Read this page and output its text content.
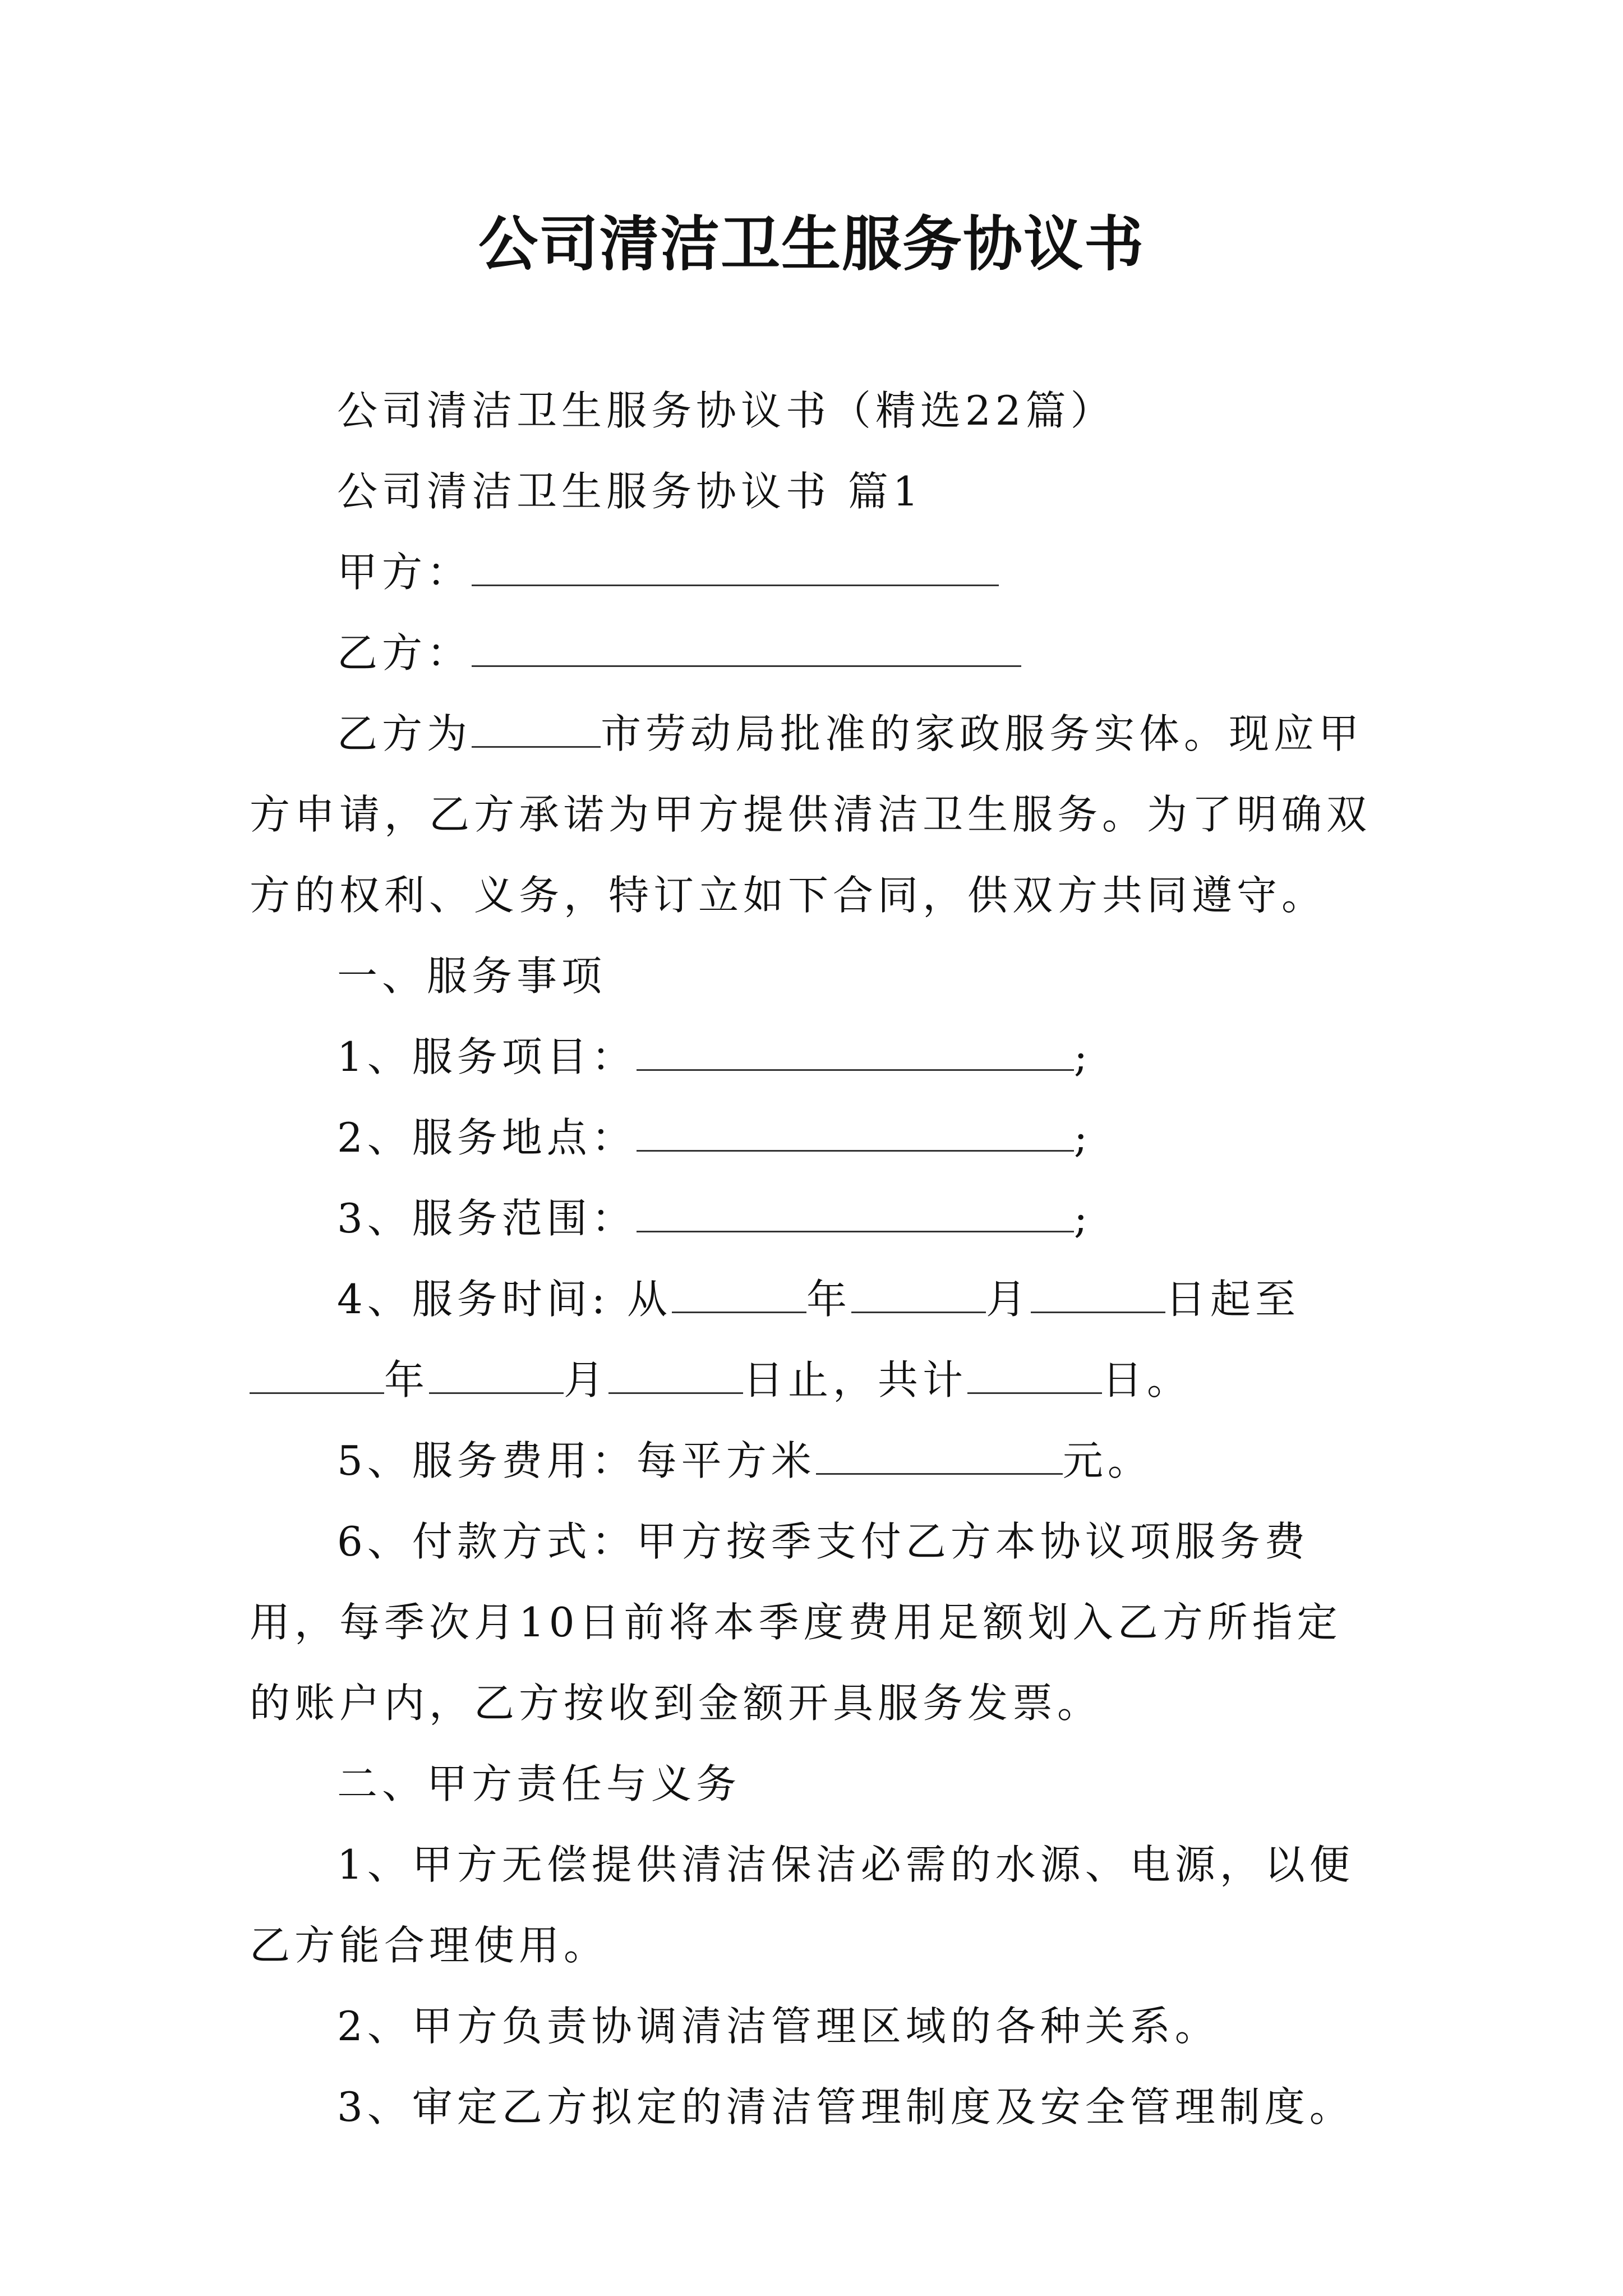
公司清洁卫生服务协议书

公司清洁卫生服务协议书（精选22篇）

公司清洁卫生服务协议书 篇1

甲方：

乙方：

乙方为	市劳动局批准的家政服务实体。现应甲方申请，乙方承诺为甲方提供清洁卫生服务。为了明确双方的权利、义务，特订立如下合同，供双方共同遵守。

一、服务事项

1、服务项目：	;

2、服务地点：	;

3、服务范围：	;

4、服务时间: 从	年	月	日起至年	月	日止，共计	日。

5、服务费用：每平方米	元。

6、付款方式：甲方按季支付乙方本协议项服务费用，每季次月10日前将本季度费用足额划入乙方所指定的账户内，乙方按收到金额开具服务发票。

二、甲方责任与义务

1、甲方无偿提供清洁保洁必需的水源、电源，以便乙方能合理使用。

2、甲方负责协调清洁管理区域的各种关系。

3、审定乙方拟定的清洁管理制度及安全管理制度。
